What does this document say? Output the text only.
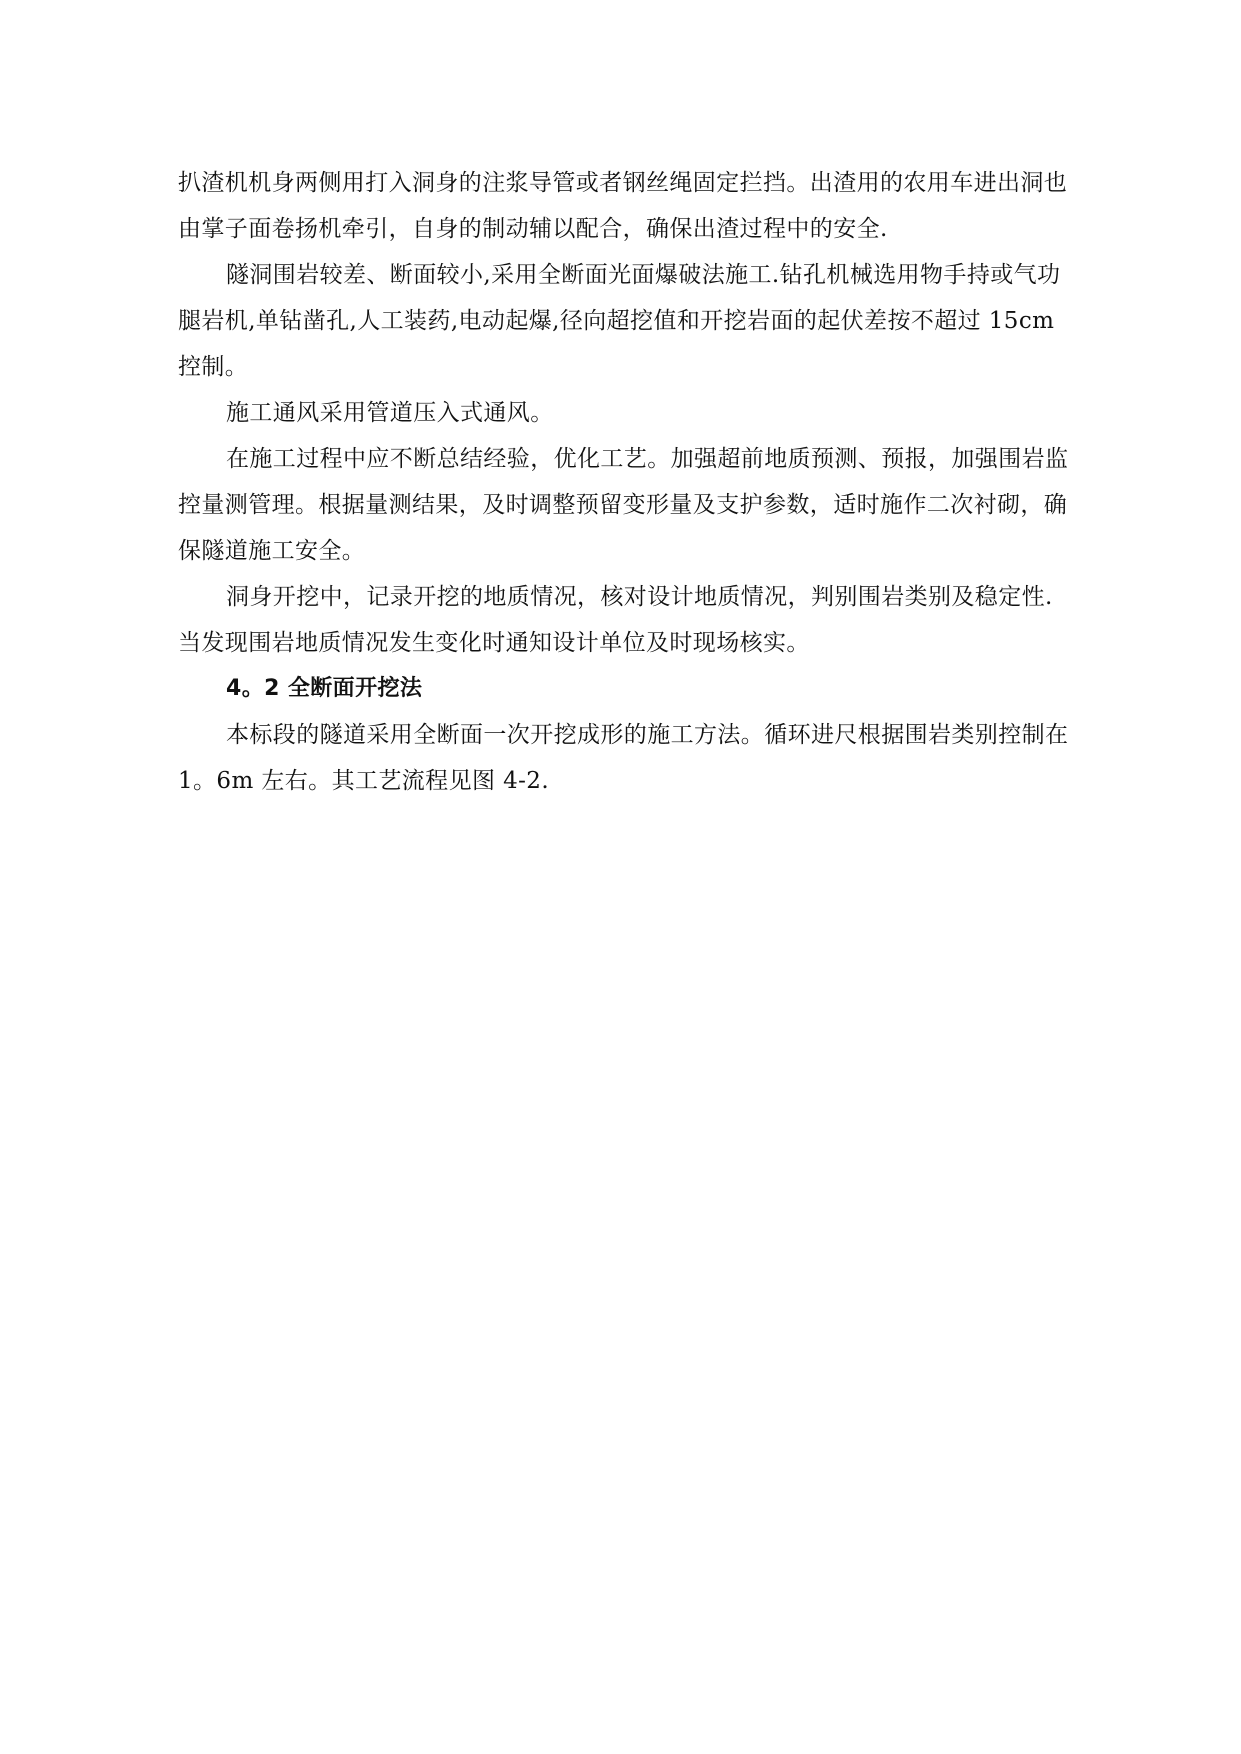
扒渣机机身两侧用打入洞身的注浆导管或者钢丝绳固定拦挡。出渣用的农用车进出洞也
由掌子面卷扬机牵引，自身的制动辅以配合，确保出渣过程中的安全.
隧洞围岩较差、断面较小,采用全断面光面爆破法施工.钻孔机械选用物手持或气功
腿岩机,单钻凿孔,人工装药,电动起爆,径向超挖值和开挖岩面的起伏差按不超过 15cm
控制。
施工通风采用管道压入式通风。
在施工过程中应不断总结经验，优化工艺。加强超前地质预测、预报，加强围岩监
控量测管理。根据量测结果，及时调整预留变形量及支护参数，适时施作二次衬砌，确
保隧道施工安全。
洞身开挖中，记录开挖的地质情况，核对设计地质情况，判别围岩类别及稳定性.
当发现围岩地质情况发生变化时通知设计单位及时现场核实。
4。2 全断面开挖法
本标段的隧道采用全断面一次开挖成形的施工方法。循环进尺根据围岩类别控制在
1。6m 左右。其工艺流程见图 4-2.
